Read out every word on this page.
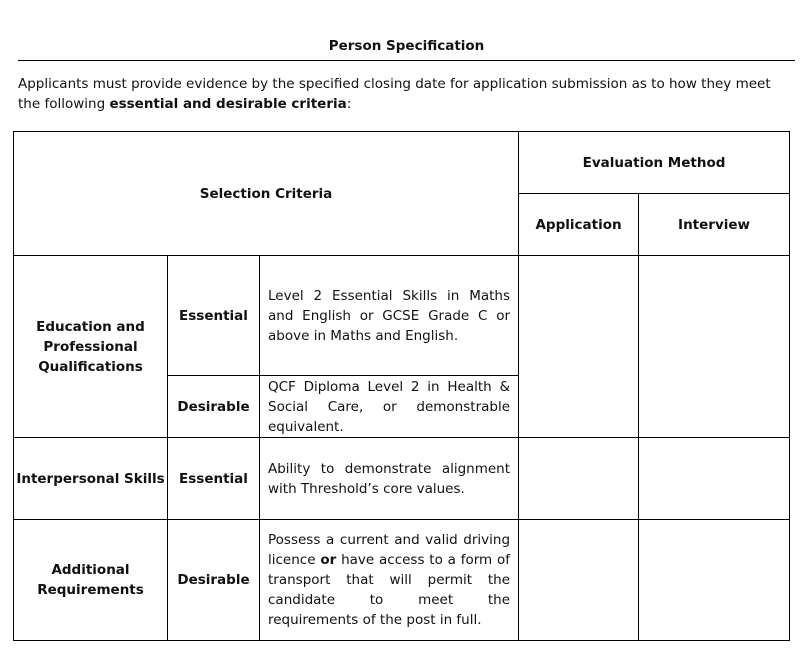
Person Specification
Applicants must provide evidence by the specified closing date for application submission as to how they meet the following essential and desirable criteria:
Selection Criteria			Evaluation Method	
			Application	Interview
Education and Professional Qualifications	Essential	Level 2 Essential Skills in Maths and English or GCSE Grade C or above in Maths and English.		
	Desirable	QCF Diploma Level 2 in Health & Social Care, or demonstrable equivalent.		
Interpersonal Skills	Essential	Ability to demonstrate alignment with Threshold’s core values.		
Additional Requirements	Desirable	Possess a current and valid driving licence or have access to a form of transport that will permit the candidate to meet the requirements of the post in full.		
